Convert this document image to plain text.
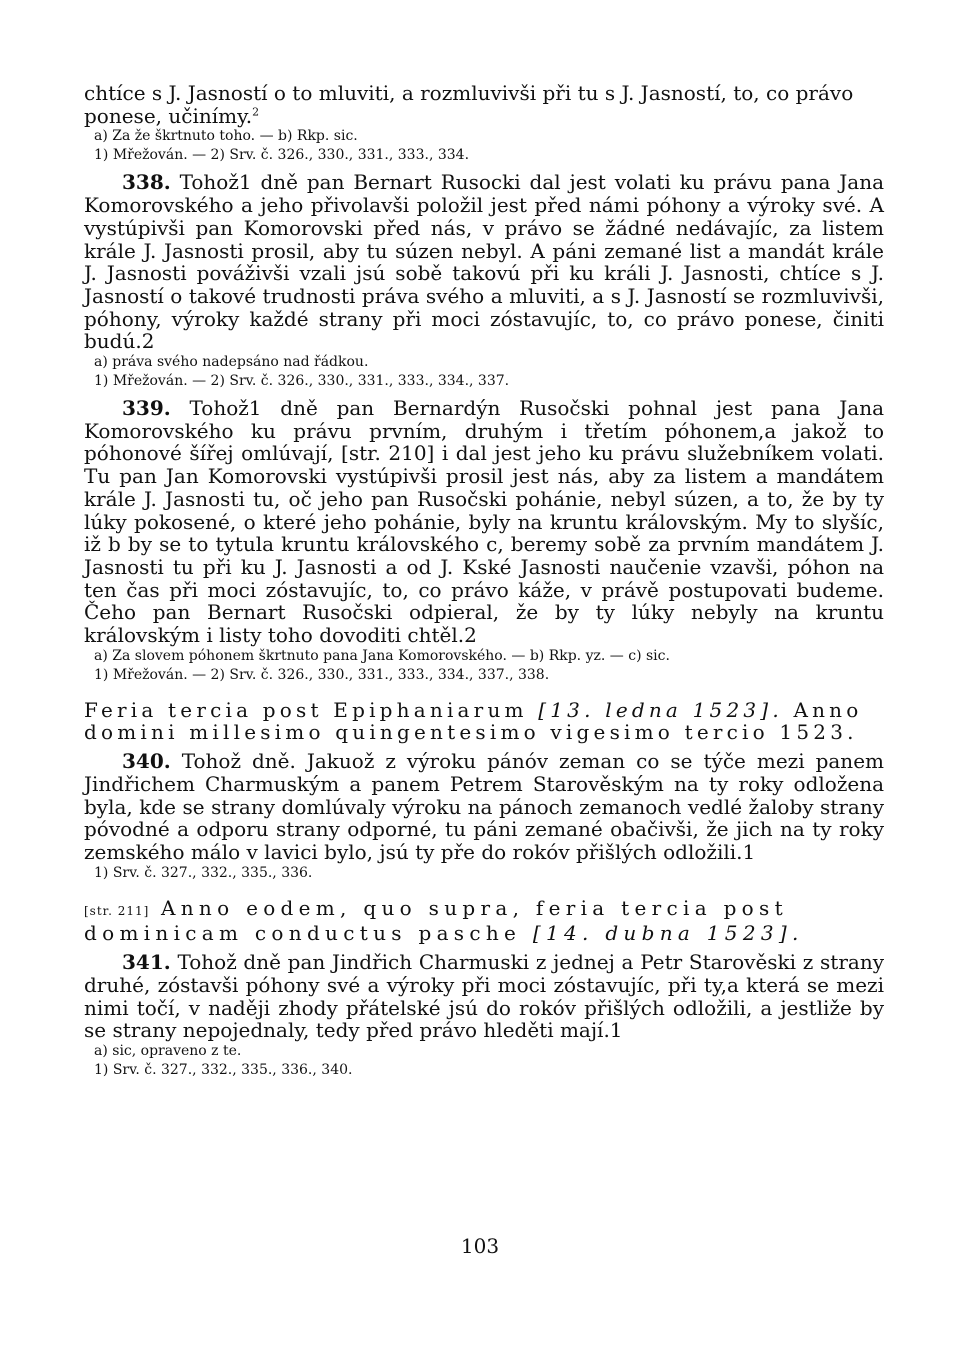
chtíce s J. Jasností o to mluviti, a rozmluvivši při tu s J. Jasností, to, co právo ponese, učinímy.$^2$

a) Za že škrtnuto toho. — b) Rkp. sic.

1) Mřežován. — 2) Srv. č. 326., 330., 331., 333., 334.

338. Tohož1 dně pan Bernart Rusocki dal jest volati ku právu pana Jana Komorovského a jeho přivolavši položil jest před námi póhony a výroky své. A vystúpivši pan Komorovski před nás, v právo se žádné nedávajíc, za listem krále J. Jasnosti prosil, aby tu súzen nebyl. A páni zemané list a mandát krále J. Jasnosti pováživši vzali jsú sobě takovú při ku králi J. Jasnosti, chtíce s J. Jasností o takové trudnosti práva svého a mluviti, a s J. Jasností se rozmluvivši, póhony, výroky každé strany při moci zóstavujíc, to, co právo ponese, činiti budú.2

a) práva svého nadepsáno nad řádkou.

1) Mřežován. — 2) Srv. č. 326., 330., 331., 333., 334., 337.

339. Tohož1 dně pan Bernardýn Rusočski pohnal jest pana Jana Komorovského ku právu prvním, druhým i třetím póhonem,a jakož to póhonové šířej omlúvají, [str. 210] i dal jest jeho ku právu služebníkem volati. Tu pan Jan Komorovski vystúpivši prosil jest nás, aby za listem a mandátem krále J. Jasnosti tu, oč jeho pan Rusočski pohánie, nebyl súzen, a to, že by ty lúky pokosené, o které jeho pohánie, byly na kruntu královským. My to slyšíc, iž b by se to tytula kruntu královského c, beremy sobě za prvním mandátem J. Jasnosti tu při ku J. Jasnosti a od J. Kské Jasnosti naučenie vzavši, póhon na ten čas při moci zóstavujíc, to, co právo káže, v právě postupovati budeme. Čeho pan Bernart Rusočski odpieral, že by ty lúky nebyly na kruntu královským i listy toho dovoditi chtěl.2

a) Za slovem póhonem škrtnuto pana Jana Komorovského. — b) Rkp. yz. — c) sic.

1) Mřežován. — 2) Srv. č. 326., 330., 331., 333., 334., 337., 338.

Feria tercia post Epiphaniarum [13. ledna 1523]. Anno domini millesimo quingentesimo vigesimo tercio 1523.

340. Tohož dně. Jakuož z výroku pánóv zeman co se týče mezi panem Jindřichem Charmuským a panem Petrem Starověským na ty roky odložena byla, kde se strany domlúvaly výroku na pánoch zemanoch vedlé žaloby strany póvodné a odporu strany odporné, tu páni zemané obačivši, že jich na ty roky zemského málo v lavici bylo, jsú ty pře do rokóv přišlých odložili.1

1) Srv. č. 327., 332., 335., 336.

[str. 211] Anno eodem, quo supra, feria tercia post dominicam conductus pasche [14. dubna 1523].

341. Tohož dně pan Jindřich Charmuski z jednej a Petr Starověski z strany druhé, zóstavši póhony své a výroky při moci zóstavujíc, při ty,a která se mezi nimi točí, v naději zhody přátelské jsú do rokóv přišlých odložili, a jestliže by se strany nepojednaly, tedy před právo hleděti mají.1

a) sic, opraveno z te.

1) Srv. č. 327., 332., 335., 336., 340.

103
